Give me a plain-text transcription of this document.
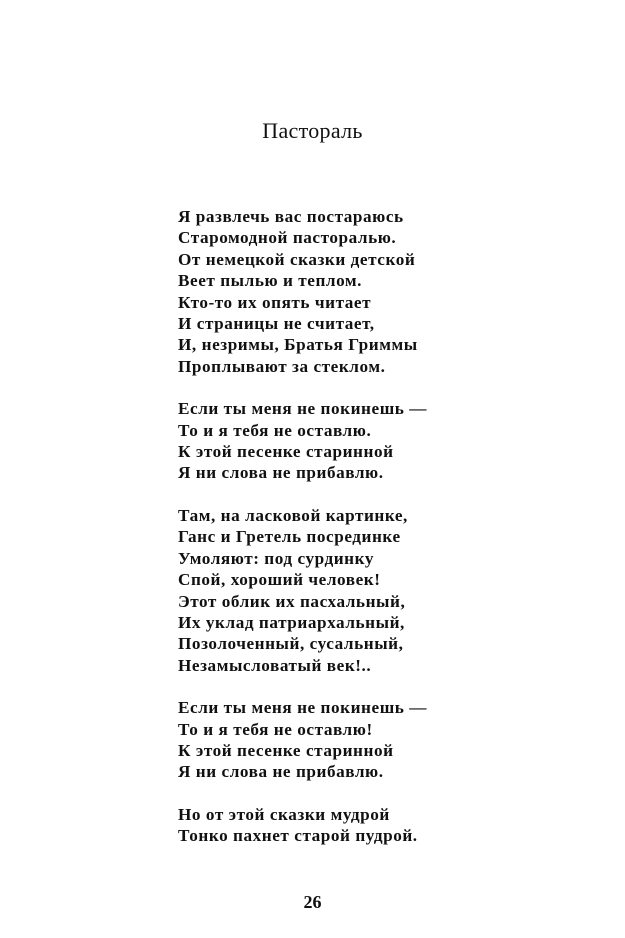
Пастораль
Я развлечь вас постараюсь
Старомодной пасторалью.
От немецкой сказки детской
Веет пылью и теплом.
Кто-то их опять читает
И страницы не считает,
И, незримы, Братья Гриммы
Проплывают за стеклом.
Если ты меня не покинешь —
То и я тебя не оставлю.
К этой песенке старинной
Я ни слова не прибавлю.
Там, на ласковой картинке,
Ганс и Гретель посрединке
Умоляют: под сурдинку
Спой, хороший человек!
Этот облик их пасхальный,
Их уклад патриархальный,
Позолоченный, сусальный,
Незамысловатый век!..
Если ты меня не покинешь —
То и я тебя не оставлю!
К этой песенке старинной
Я ни слова не прибавлю.
Но от этой сказки мудрой
Тонко пахнет старой пудрой.
26
